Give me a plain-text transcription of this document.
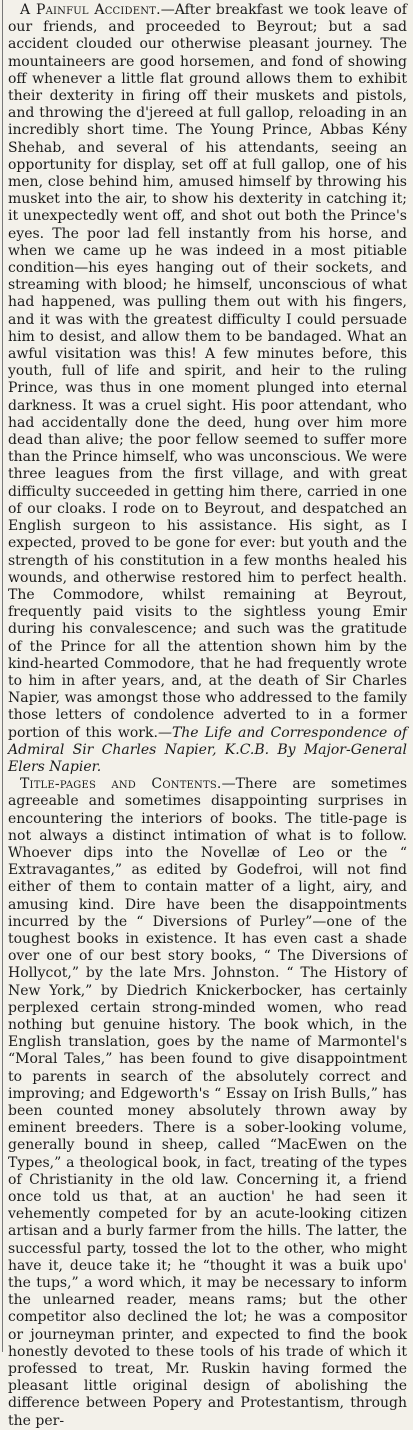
A Painful Accident.—After breakfast we took leave of our friends, and proceeded to Beyrout; but a sad accident clouded our otherwise pleasant journey. The mountaineers are good horsemen, and fond of showing off whenever a little flat ground allows them to exhibit their dexterity in firing off their muskets and pistols, and throwing the d'jereed at full gallop, reloading in an incredibly short time. The Young Prince, Abbas Kény Shehab, and several of his attendants, seeing an opportunity for display, set off at full gallop, one of his men, close behind him, amused himself by throwing his musket into the air, to show his dexterity in catching it; it unexpectedly went off, and shot out both the Prince's eyes. The poor lad fell instantly from his horse, and when we came up he was indeed in a most pitiable condition—his eyes hanging out of their sockets, and streaming with blood; he himself, unconscious of what had happened, was pulling them out with his fingers, and it was with the greatest difficulty I could persuade him to desist, and allow them to be bandaged. What an awful visitation was this! A few minutes before, this youth, full of life and spirit, and heir to the ruling Prince, was thus in one moment plunged into eternal darkness. It was a cruel sight. His poor attendant, who had accidentally done the deed, hung over him more dead than alive; the poor fellow seemed to suffer more than the Prince himself, who was unconscious. We were three leagues from the first village, and with great difficulty succeeded in getting him there, carried in one of our cloaks. I rode on to Beyrout, and despatched an English surgeon to his assistance. His sight, as I expected, proved to be gone for ever: but youth and the strength of his constitution in a few months healed his wounds, and otherwise restored him to perfect health. The Commodore, whilst remaining at Beyrout, frequently paid visits to the sightless young Emir during his convalescence; and such was the gratitude of the Prince for all the attention shown him by the kind-hearted Commodore, that he had frequently wrote to him in after years, and, at the death of Sir Charles Napier, was amongst those who addressed to the family those letters of condolence adverted to in a former portion of this work.—The Life and Correspondence of Admiral Sir Charles Napier, K.C.B. By Major-General Elers Napier.

Title-pages and Contents.—There are sometimes agreeable and sometimes disappointing surprises in encountering the interiors of books. The title-page is not always a distinct intimation of what is to follow. Whoever dips into the Novellæ of Leo or the “ Extravagantes,” as edited by Godefroi, will not find either of them to contain matter of a light, airy, and amusing kind. Dire have been the disappointments incurred by the “ Diversions of Purley”—one of the toughest books in existence. It has even cast a shade over one of our best story books, “ The Diversions of Hollycot,” by the late Mrs. Johnston. “ The History of New York,” by Diedrich Knickerbocker, has certainly perplexed certain strong-minded women, who read nothing but genuine history. The book which, in the English translation, goes by the name of Marmontel's “Moral Tales,” has been found to give disappointment to parents in search of the absolutely correct and improving; and Edgeworth's “ Essay on Irish Bulls,” has been counted money absolutely thrown away by eminent breeders. There is a sober-looking volume, generally bound in sheep, called “MacEwen on the Types,” a theological book, in fact, treating of the types of Christianity in the old law. Concerning it, a friend once told us that, at an auction' he had seen it vehemently competed for by an acute-looking citizen artisan and a burly farmer from the hills. The latter, the successful party, tossed the lot to the other, who might have it, deuce take it; he “thought it was a buik upo' the tups,” a word which, it may be necessary to inform the unlearned reader, means rams; but the other competitor also declined the lot; he was a compositor or journeyman printer, and expected to find the book honestly devoted to these tools of his trade of which it professed to treat, Mr. Ruskin having formed the pleasant little original design of abolishing the difference between Popery and Protestantism, through the per-
